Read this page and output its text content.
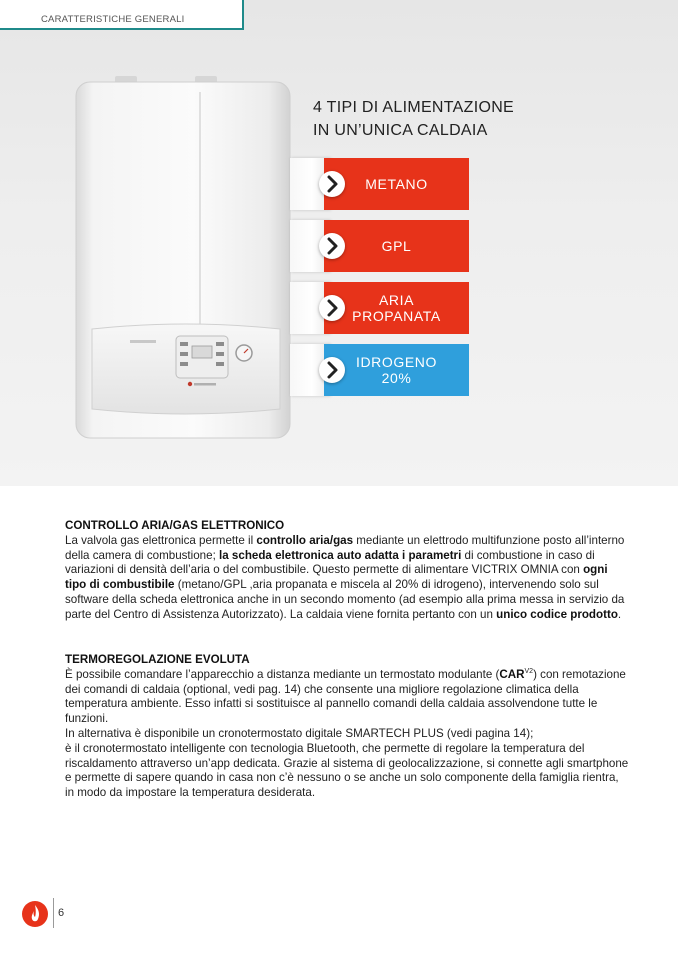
CARATTERISTICHE GENERALI
4 TIPI DI ALIMENTAZIONE
IN UN’UNICA CALDAIA
METANO
GPL
ARIA
PROPANATA
IDROGENO
20%
CONTROLLO ARIA/GAS ELETTRONICO

La valvola gas elettronica permette il controllo aria/gas mediante un elettrodo multifunzione posto all’interno della camera di combustione; la scheda elettronica auto adatta i parametri di combustione in caso di variazioni di densità dell’aria o del combustibile. Questo permette di alimentare VICTRIX OMNIA con ogni tipo di combustibile (metano/GPL ,aria propanata e miscela al 20% di idrogeno), intervenendo solo sul software della scheda elettronica anche in un secondo momento (ad esempio alla prima messa in servizio da parte del Centro di Assistenza Autorizzato). La caldaia viene fornita pertanto con un unico codice prodotto.

TERMOREGOLAZIONE EVOLUTA

È possibile comandare l’apparecchio a distanza mediante un termostato modulante $(CAR^{V2})$ con remotazione dei comandi di caldaia (optional, vedi pag. 14) che consente una migliore regolazione climatica della temperatura ambiente. Esso infatti si sostituisce al pannello comandi della caldaia assolvendone tutte le funzioni.

In alternativa è disponibile un cronotermostato digitale SMARTECH PLUS (vedi pagina 14);

è il cronotermostato intelligente con tecnologia Bluetooth, che permette di regolare la temperatura del riscaldamento attraverso un’app dedicata. Grazie al sistema di geolocalizzazione, si connette agli smartphone e permette di sapere quando in casa non c’è nessuno o se anche un solo componente della famiglia rientra, in modo da impostare la temperatura desiderata.

6
